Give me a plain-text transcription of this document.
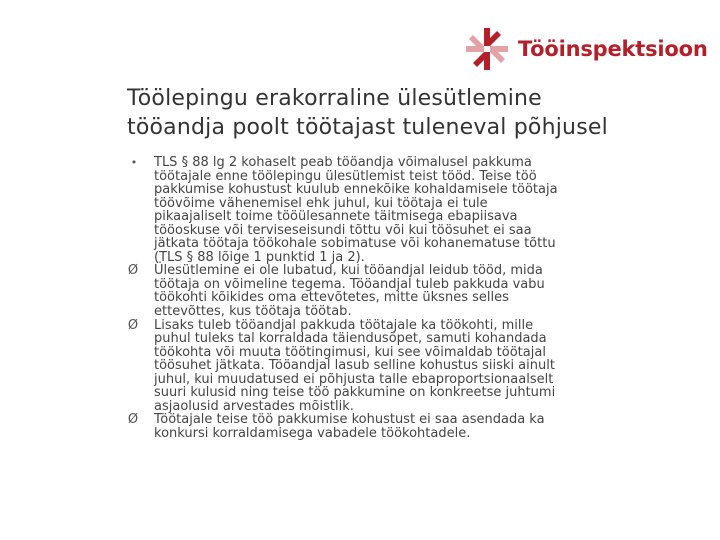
Tööinspektsioon
Töölepingu erakorraline ülesütlemine
tööandja poolt töötajast tuleneval põhjusel
•	TLS § 88 lg 2 kohaselt peab tööandja võimalusel pakkuma
töötajale enne töölepingu ülesütlemist teist tööd. Teise töö
pakkumise kohustust kuulub ennekõike kohaldamisele töötaja
töövõime vähenemisel ehk juhul, kui töötaja ei tule
pikaajaliselt toime tööülesannete täitmisega ebapiisava
tööoskuse või terviseseisundi tõttu või kui töösuhet ei saa
jätkata töötaja töökohale sobimatuse või kohanematuse tõttu
(TLS § 88 lõige 1 punktid 1 ja 2).
Ø Ülesütlemine ei ole lubatud, kui tööandjal leidub tööd, mida
töötaja on võimeline tegema. Tööandjal tuleb pakkuda vabu
töökohti kõikides oma ettevõtetes, mitte üksnes selles
ettevõttes, kus töötaja töötab.
Ø Lisaks tuleb tööandjal pakkuda töötajale ka töökohti, mille
puhul tuleks tal korraldada täiendusõpet, samuti kohandada
töökohta või muuta töötingimusi, kui see võimaldab töötajal
töösuhet jätkata. Tööandjal lasub selline kohustus siiski ainult
juhul, kui muudatused ei põhjusta talle ebaproportsionaalselt
suuri kulusid ning teise töö pakkumine on konkreetse juhtumi
asjaolusid arvestades mõistlik.
Ø Töötajale teise töö pakkumise kohustust ei saa asendada ka
konkursi korraldamisega vabadele töökohtadele.
